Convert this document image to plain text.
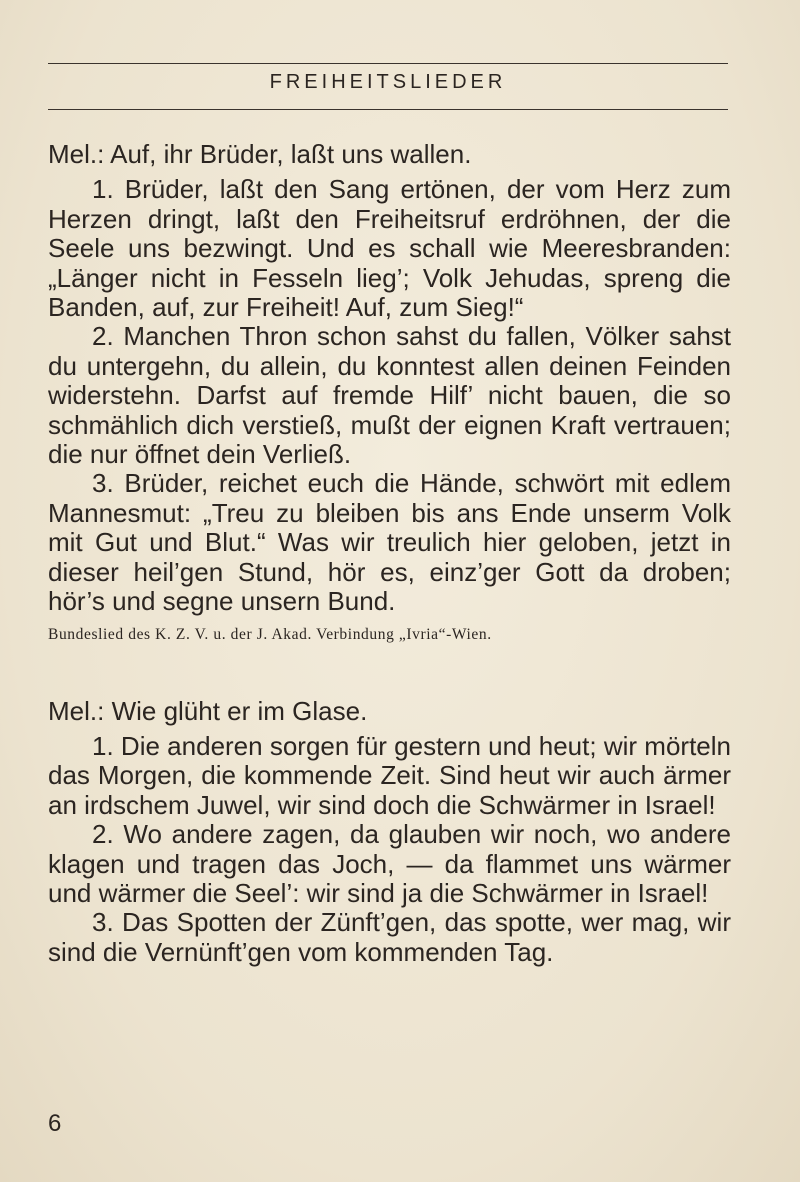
FREIHEITSLIEDER

Mel.: Auf, ihr Brüder, laßt uns wallen.

1. Brüder, laßt den Sang ertönen, der vom Herz zum Herzen dringt, laßt den Freiheitsruf erdröhnen, der die Seele uns bezwingt. Und es schall wie Meeresbranden: „Länger nicht in Fesseln lieg’; Volk Jehudas, spreng die Banden, auf, zur Freiheit! Auf, zum Sieg!“

2. Manchen Thron schon sahst du fallen, Völker sahst du untergehn, du allein, du konntest allen deinen Feinden widerstehn. Darfst auf fremde Hilf’ nicht bauen, die so schmählich dich verstieß, mußt der eignen Kraft vertrauen; die nur öffnet dein Verließ.

3. Brüder, reichet euch die Hände, schwört mit edlem Mannesmut: „Treu zu bleiben bis ans Ende unserm Volk mit Gut und Blut.“ Was wir treulich hier geloben, jetzt in dieser heil’gen Stund, hör es, einz’ger Gott da droben; hör’s und segne unsern Bund.

Bundeslied des K. Z. V. u. der J. Akad. Verbindung „Ivria“-Wien.

Mel.: Wie glüht er im Glase.

1. Die anderen sorgen für gestern und heut; wir mörteln das Morgen, die kommende Zeit. Sind heut wir auch ärmer an irdschem Juwel, wir sind doch die Schwärmer in Israel!

2. Wo andere zagen, da glauben wir noch, wo andere klagen und tragen das Joch, — da flammet uns wärmer und wärmer die Seel’: wir sind ja die Schwärmer in Israel!

3. Das Spotten der Zünft’gen, das spotte, wer mag, wir sind die Vernünft’gen vom kommenden Tag.

6
